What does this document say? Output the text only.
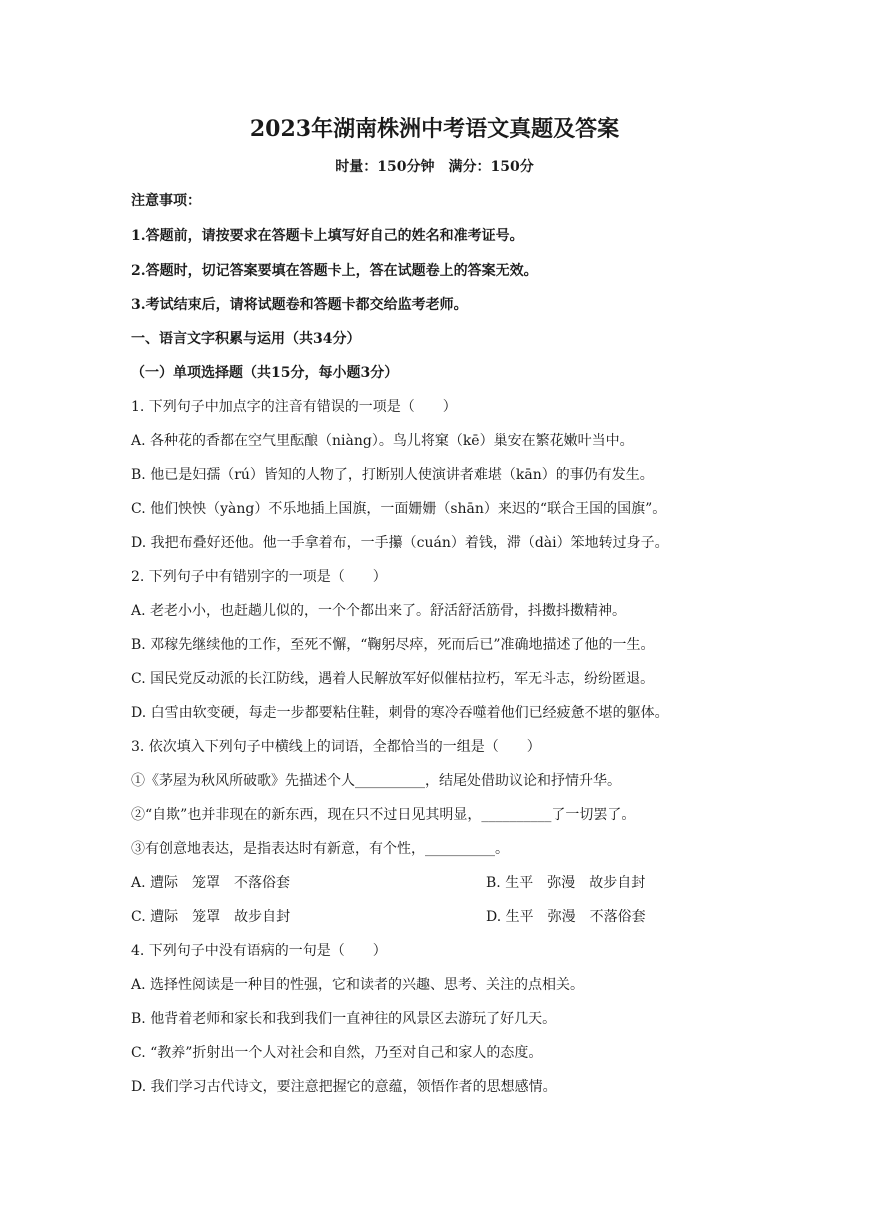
2023年湖南株洲中考语文真题及答案
时量：150分钟　满分：150分
注意事项：
1.答题前，请按要求在答题卡上填写好自己的姓名和准考证号。
2.答题时，切记答案要填在答题卡上，答在试题卷上的答案无效。
3.考试结束后，请将试题卷和答题卡都交给监考老师。
一、语言文字积累与运用（共34分）
（一）单项选择题（共15分，每小题3分）
1. 下列句子中加点字的注音有错误的一项是（　　）
A. 各种花的香都在空气里酝酿（niàng）。鸟儿将窠（kē）巢安在繁花嫩叶当中。
B. 他已是妇孺（rú）皆知的人物了，打断别人使演讲者难堪（kān）的事仍有发生。
C. 他们怏怏（yàng）不乐地插上国旗，一面姗姗（shān）来迟的“联合王国的国旗”。
D. 我把布叠好还他。他一手拿着布，一手攥（cuán）着钱，滞（dài）笨地转过身子。
2. 下列句子中有错别字的一项是（　　）
A. 老老小小，也赶趟儿似的，一个个都出来了。舒活舒活筋骨，抖擞抖擞精神。
B. 邓稼先继续他的工作，至死不懈，“鞠躬尽瘁，死而后已”准确地描述了他的一生。
C. 国民党反动派的长江防线，遇着人民解放军好似催枯拉朽，军无斗志，纷纷匿退。
D. 白雪由软变硬，每走一步都要粘住鞋，刺骨的寒冷吞噬着他们已经疲惫不堪的躯体。
3. 依次填入下列句子中横线上的词语，全都恰当的一组是（　　）
①《茅屋为秋风所破歌》先描述个人__________，结尾处借助议论和抒情升华。
②“自欺”也并非现在的新东西，现在只不过日见其明显，__________了一切罢了。
③有创意地表达，是指表达时有新意，有个性，__________。
A. 遭际　笼罩　不落俗套	B. 生平　弥漫　故步自封
C. 遭际　笼罩　故步自封	D. 生平　弥漫　不落俗套
4. 下列句子中没有语病的一句是（　　）
A. 选择性阅读是一种目的性强，它和读者的兴趣、思考、关注的点相关。
B. 他背着老师和家长和我到我们一直神往的风景区去游玩了好几天。
C. “教养”折射出一个人对社会和自然，乃至对自己和家人的态度。
D. 我们学习古代诗文，要注意把握它的意蕴，领悟作者的思想感情。
